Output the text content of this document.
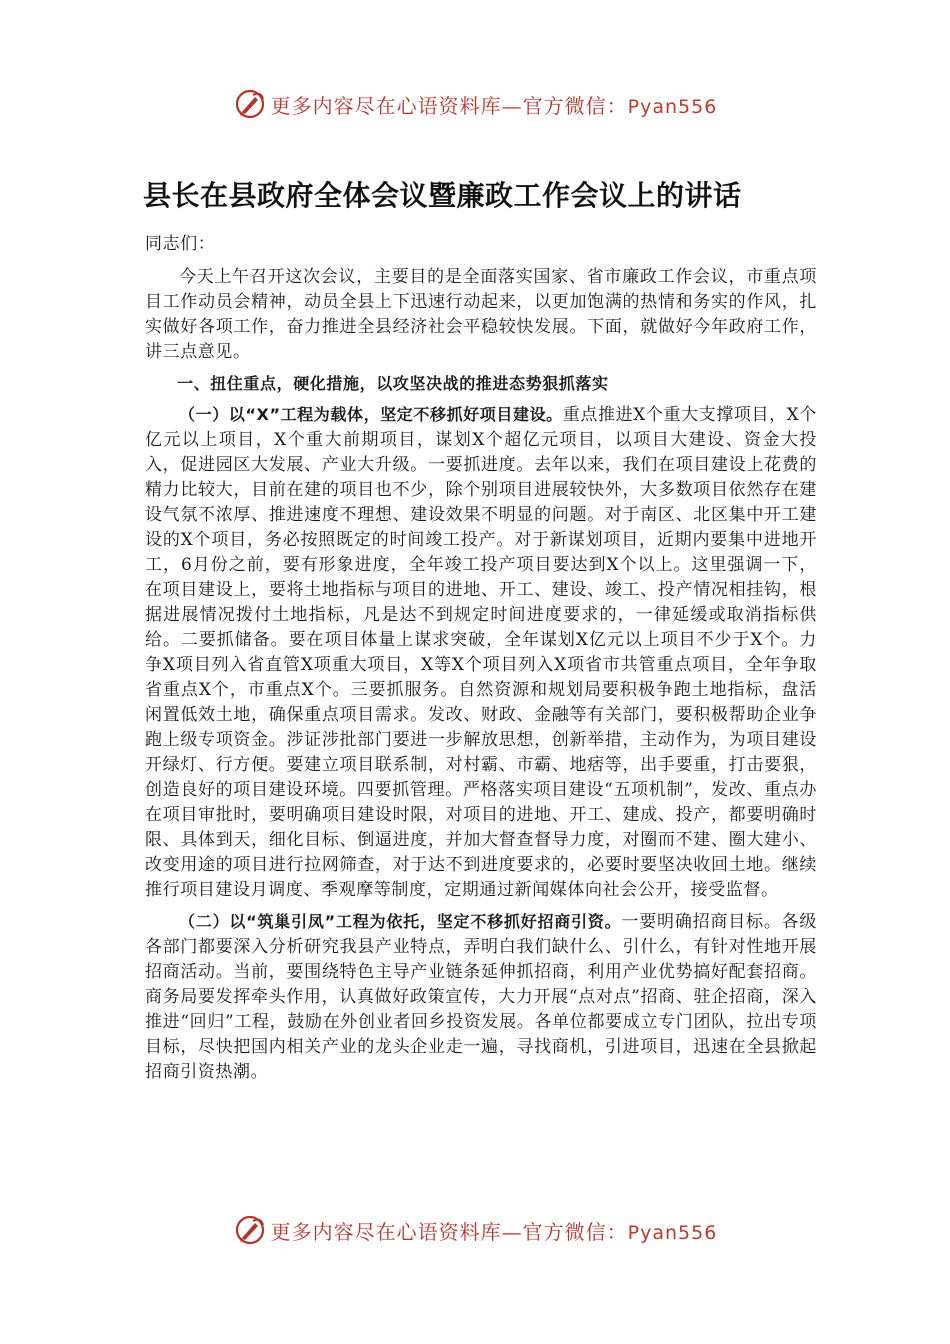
更多内容尽在心语资料库—官方微信：Pyan556
县长在县政府全体会议暨廉政工作会议上的讲话

同志们：

今天上午召开这次会议，主要目的是全面落实国家、省市廉政工作会议，市重点项目工作动员会精神，动员全县上下迅速行动起来，以更加饱满的热情和务实的作风，扎实做好各项工作，奋力推进全县经济社会平稳较快发展。下面，就做好今年政府工作，讲三点意见。

一、扭住重点，硬化措施，以攻坚决战的推进态势狠抓落实

（一）以“X”工程为载体，坚定不移抓好项目建设。重点推进X个重大支撑项目，X个亿元以上项目，X个重大前期项目，谋划X个超亿元项目，以项目大建设、资金大投入，促进园区大发展、产业大升级。一要抓进度。去年以来，我们在项目建设上花费的精力比较大，目前在建的项目也不少，除个别项目进展较快外，大多数项目依然存在建设气氛不浓厚、推进速度不理想、建设效果不明显的问题。对于南区、北区集中开工建设的X个项目，务必按照既定的时间竣工投产。对于新谋划项目，近期内要集中进地开工，6月份之前，要有形象进度，全年竣工投产项目要达到X个以上。这里强调一下，在项目建设上，要将土地指标与项目的进地、开工、建设、竣工、投产情况相挂钩，根据进展情况拨付土地指标，凡是达不到规定时间进度要求的，一律延缓或取消指标供给。二要抓储备。要在项目体量上谋求突破，全年谋划X亿元以上项目不少于X个。力争X项目列入省直管X项重大项目，X等X个项目列入X项省市共管重点项目，全年争取省重点X个，市重点X个。三要抓服务。自然资源和规划局要积极争跑土地指标，盘活闲置低效土地，确保重点项目需求。发改、财政、金融等有关部门，要积极帮助企业争跑上级专项资金。涉证涉批部门要进一步解放思想，创新举措，主动作为，为项目建设开绿灯、行方便。要建立项目联系制，对村霸、市霸、地痞等，出手要重，打击要狠，创造良好的项目建设环境。四要抓管理。严格落实项目建设“五项机制”，发改、重点办在项目审批时，要明确项目建设时限，对项目的进地、开工、建成、投产，都要明确时限、具体到天，细化目标、倒逼进度，并加大督查督导力度，对圈而不建、圈大建小、改变用途的项目进行拉网筛查，对于达不到进度要求的，必要时要坚决收回土地。继续推行项目建设月调度、季观摩等制度，定期通过新闻媒体向社会公开，接受监督。

（二）以“筑巢引凤”工程为依托，坚定不移抓好招商引资。一要明确招商目标。各级各部门都要深入分析研究我县产业特点，弄明白我们缺什么、引什么，有针对性地开展招商活动。当前，要围绕特色主导产业链条延伸抓招商，利用产业优势搞好配套招商。商务局要发挥牵头作用，认真做好政策宣传，大力开展“点对点”招商、驻企招商，深入推进“回归”工程，鼓励在外创业者回乡投资发展。各单位都要成立专门团队，拉出专项目标，尽快把国内相关产业的龙头企业走一遍，寻找商机，引进项目，迅速在全县掀起招商引资热潮。

更多内容尽在心语资料库—官方微信：Pyan556
